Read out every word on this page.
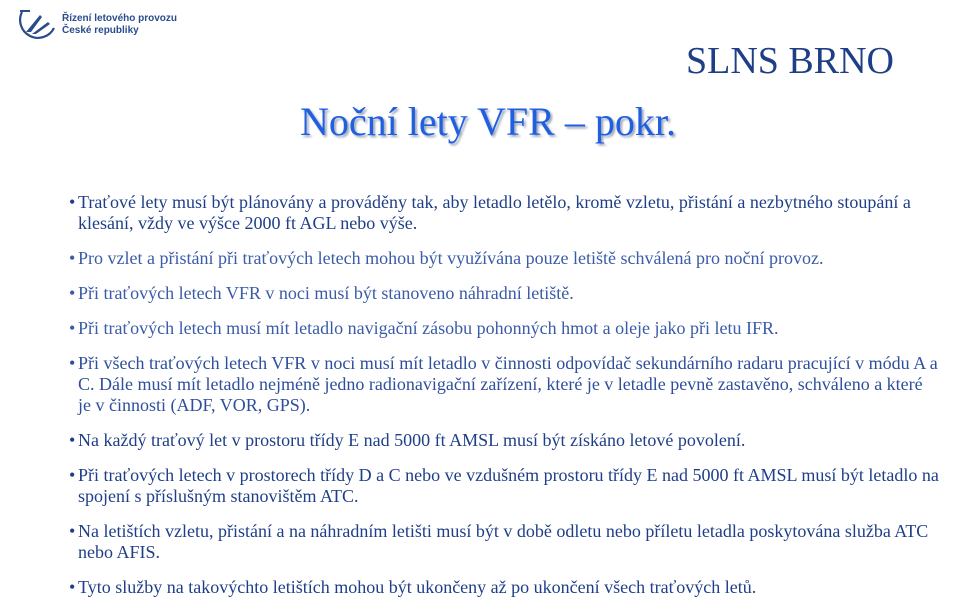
Řízení letového provozu
České republiky
SLNS BRNO
Noční lety VFR – pokr.
• Traťové lety musí být plánovány a prováděny tak, aby letadlo letělo, kromě vzletu, přistání a nezbytného stoupání a klesání, vždy ve výšce 2000 ft AGL nebo výše.
• Pro vzlet a přistání při traťových letech mohou být využívána pouze letiště schválená pro noční provoz.
• Při traťových letech VFR v noci musí být stanoveno náhradní letiště.
• Při traťových letech musí mít letadlo navigační zásobu pohonných hmot a oleje jako při letu IFR.
• Při všech traťových letech VFR v noci musí mít letadlo v činnosti odpovídač sekundárního radaru pracující v módu A a C. Dále musí mít letadlo nejméně jedno radionavigační zařízení, které je v letadle pevně zastavěno, schváleno a které je v činnosti (ADF, VOR, GPS).
• Na každý traťový let v prostoru třídy E nad 5000 ft AMSL musí být získáno letové povolení.
• Při traťových letech v prostorech třídy D a C nebo ve vzdušném prostoru třídy E nad 5000 ft AMSL musí být letadlo na spojení s příslušným stanovištěm ATC.
• Na letištích vzletu, přistání a na náhradním letišti musí být v době odletu nebo příletu letadla poskytována služba ATC nebo AFIS.
• Tyto služby na takovýchto letištích mohou být ukončeny až po ukončení všech traťových letů.
